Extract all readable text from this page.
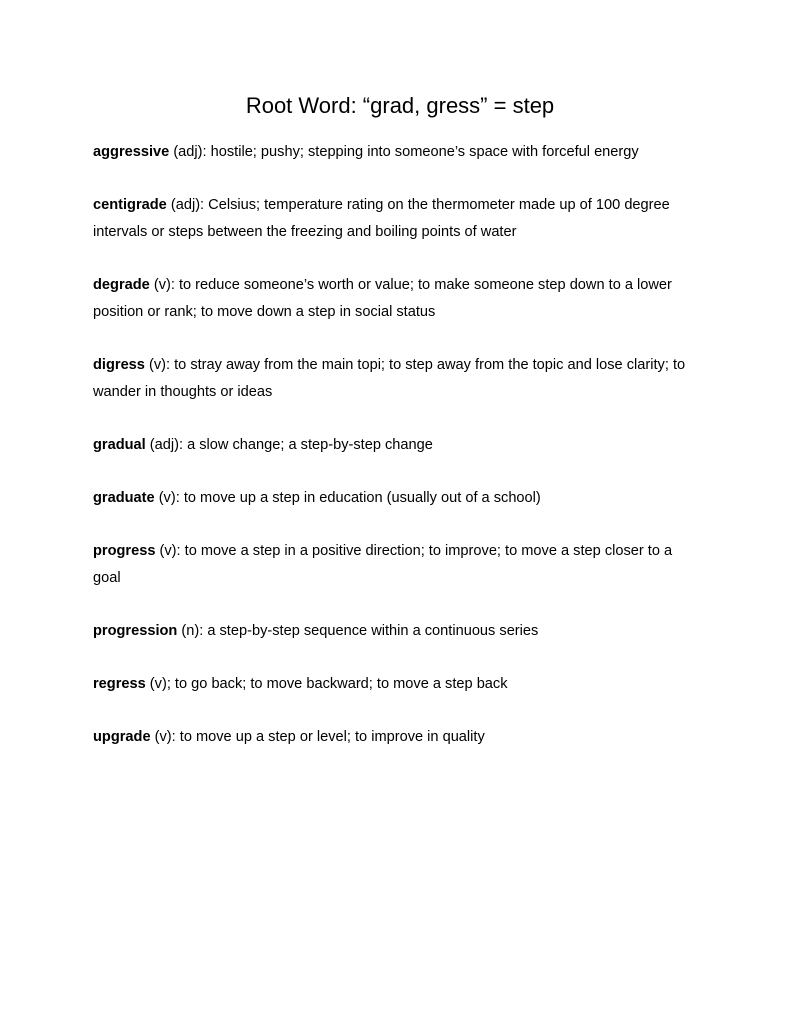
Root Word: “grad, gress” = step
aggressive (adj): hostile; pushy; stepping into someone’s space with forceful energy
centigrade (adj): Celsius; temperature rating on the thermometer made up of 100 degree intervals or steps between the freezing and boiling points of water
degrade (v): to reduce someone’s worth or value; to make someone step down to a lower position or rank; to move down a step in social status
digress (v): to stray away from the main topi; to step away from the topic and lose clarity; to wander in thoughts or ideas
gradual (adj): a slow change; a step-by-step change
graduate (v): to move up a step in education (usually out of a school)
progress (v): to move a step in a positive direction; to improve; to move a step closer to a goal
progression (n): a step-by-step sequence within a continuous series
regress (v); to go back; to move backward; to move a step back
upgrade (v): to move up a step or level; to improve in quality
